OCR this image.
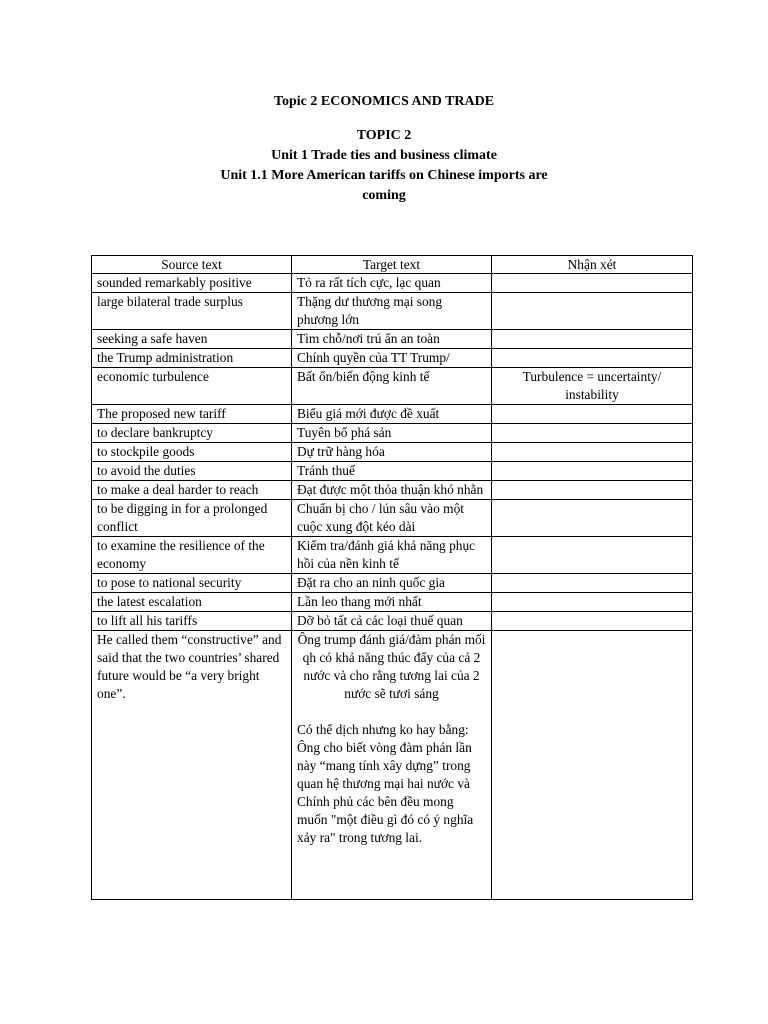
Topic 2 ECONOMICS AND TRADE
TOPIC 2
Unit 1 Trade ties and business climate
Unit 1.1 More American tariffs on Chinese imports are
coming
Source text	Target text	Nhận xét
sounded remarkably positive	Tỏ ra rất tích cực, lạc quan	
large bilateral trade surplus	Thặng dư thương mại song phương lớn	
seeking a safe haven	Tìm chỗ/nơi trú ẩn an toàn	
the Trump administration	Chính quyền của TT Trump/	
economic turbulence	Bất ổn/biến động kinh tế	Turbulence = uncertainty/ instability
The proposed new tariff	Biểu giá mới được đề xuất	
to declare bankruptcy	Tuyên bố phá sản	
to stockpile goods	Dự trữ hàng hóa	
to avoid the duties	Tránh thuế	
to make a deal harder to reach	Đạt được một thỏa thuận khó nhằn	
to be digging in for a prolonged conflict	Chuẩn bị cho / lún sâu vào một cuộc xung đột kéo dài	
to examine the resilience of the economy	Kiểm tra/đánh giá khả năng phục hồi của nền kinh tế	
to pose to national security	Đặt ra cho an ninh quốc gia	
the latest escalation	Lần leo thang mới nhất	
to lift all his tariffs	Dỡ bỏ tất cả các loại thuế quan	
He called them “constructive” and said that the two countries’ shared future would be “a very bright one”.	Ông trump đánh giá/đàm phán mối qh có khả năng thúc đẩy của cả 2 nước và cho rằng tương lai của 2 nước sẽ tươi sáng

Có thể dịch nhưng ko hay bằng:
Ông cho biết vòng đàm phán lần này “mang tính xây dựng” trong quan hệ thương mại hai nước và Chính phủ các bên đều mong muốn "một điều gì đó có ý nghĩa xảy ra" trong tương lai.	
